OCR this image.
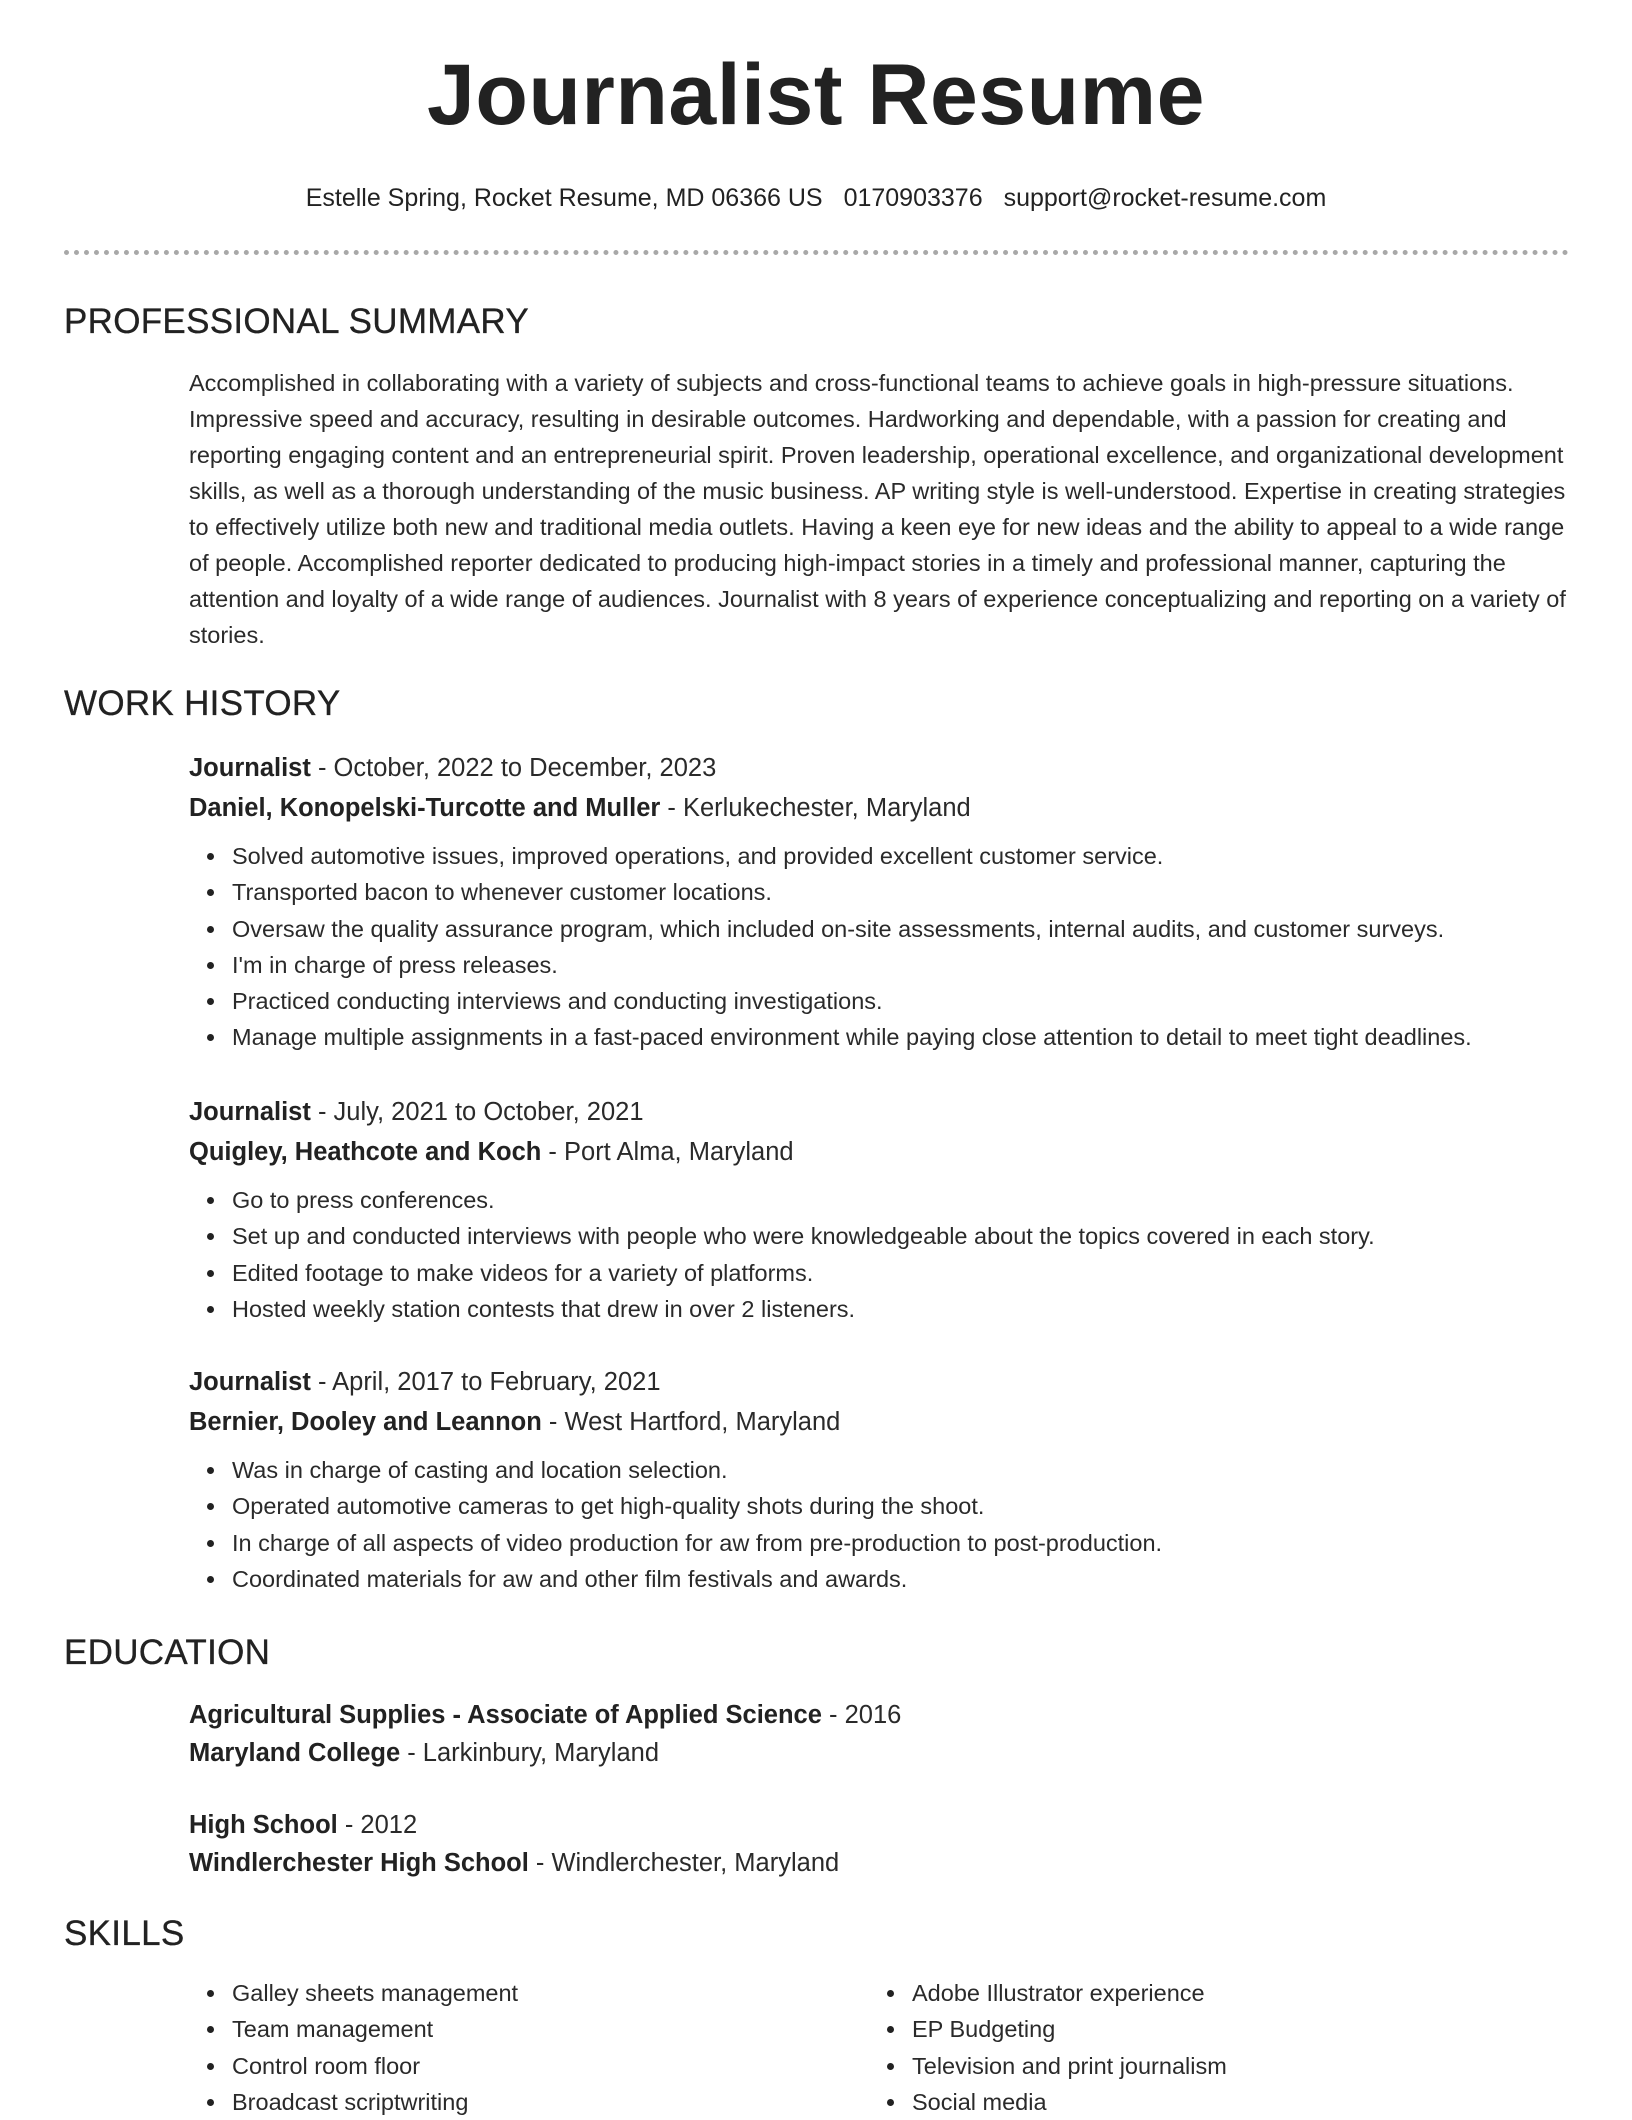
Journalist Resume
Estelle Spring, Rocket Resume, MD 06366 US 0170903376 support@rocket-resume.com
PROFESSIONAL SUMMARY
Accomplished in collaborating with a variety of subjects and cross-functional teams to achieve goals in high-pressure situations. Impressive speed and accuracy, resulting in desirable outcomes. Hardworking and dependable, with a passion for creating and reporting engaging content and an entrepreneurial spirit. Proven leadership, operational excellence, and organizational development skills, as well as a thorough understanding of the music business. AP writing style is well-understood. Expertise in creating strategies to effectively utilize both new and traditional media outlets. Having a keen eye for new ideas and the ability to appeal to a wide range of people. Accomplished reporter dedicated to producing high-impact stories in a timely and professional manner, capturing the attention and loyalty of a wide range of audiences. Journalist with 8 years of experience conceptualizing and reporting on a variety of stories.
WORK HISTORY
Journalist - October, 2022 to December, 2023
Daniel, Konopelski-Turcotte and Muller - Kerlukechester, Maryland
Solved automotive issues, improved operations, and provided excellent customer service.
Transported bacon to whenever customer locations.
Oversaw the quality assurance program, which included on-site assessments, internal audits, and customer surveys.
I'm in charge of press releases.
Practiced conducting interviews and conducting investigations.
Manage multiple assignments in a fast-paced environment while paying close attention to detail to meet tight deadlines.
Journalist - July, 2021 to October, 2021
Quigley, Heathcote and Koch - Port Alma, Maryland
Go to press conferences.
Set up and conducted interviews with people who were knowledgeable about the topics covered in each story.
Edited footage to make videos for a variety of platforms.
Hosted weekly station contests that drew in over 2 listeners.
Journalist - April, 2017 to February, 2021
Bernier, Dooley and Leannon - West Hartford, Maryland
Was in charge of casting and location selection.
Operated automotive cameras to get high-quality shots during the shoot.
In charge of all aspects of video production for aw from pre-production to post-production.
Coordinated materials for aw and other film festivals and awards.
EDUCATION
Agricultural Supplies - Associate of Applied Science - 2016
Maryland College - Larkinbury, Maryland
High School - 2012
Windlerchester High School - Windlerchester, Maryland
SKILLS
Galley sheets management
Team management
Control room floor
Broadcast scriptwriting
Adobe Illustrator experience
EP Budgeting
Television and print journalism
Social media
